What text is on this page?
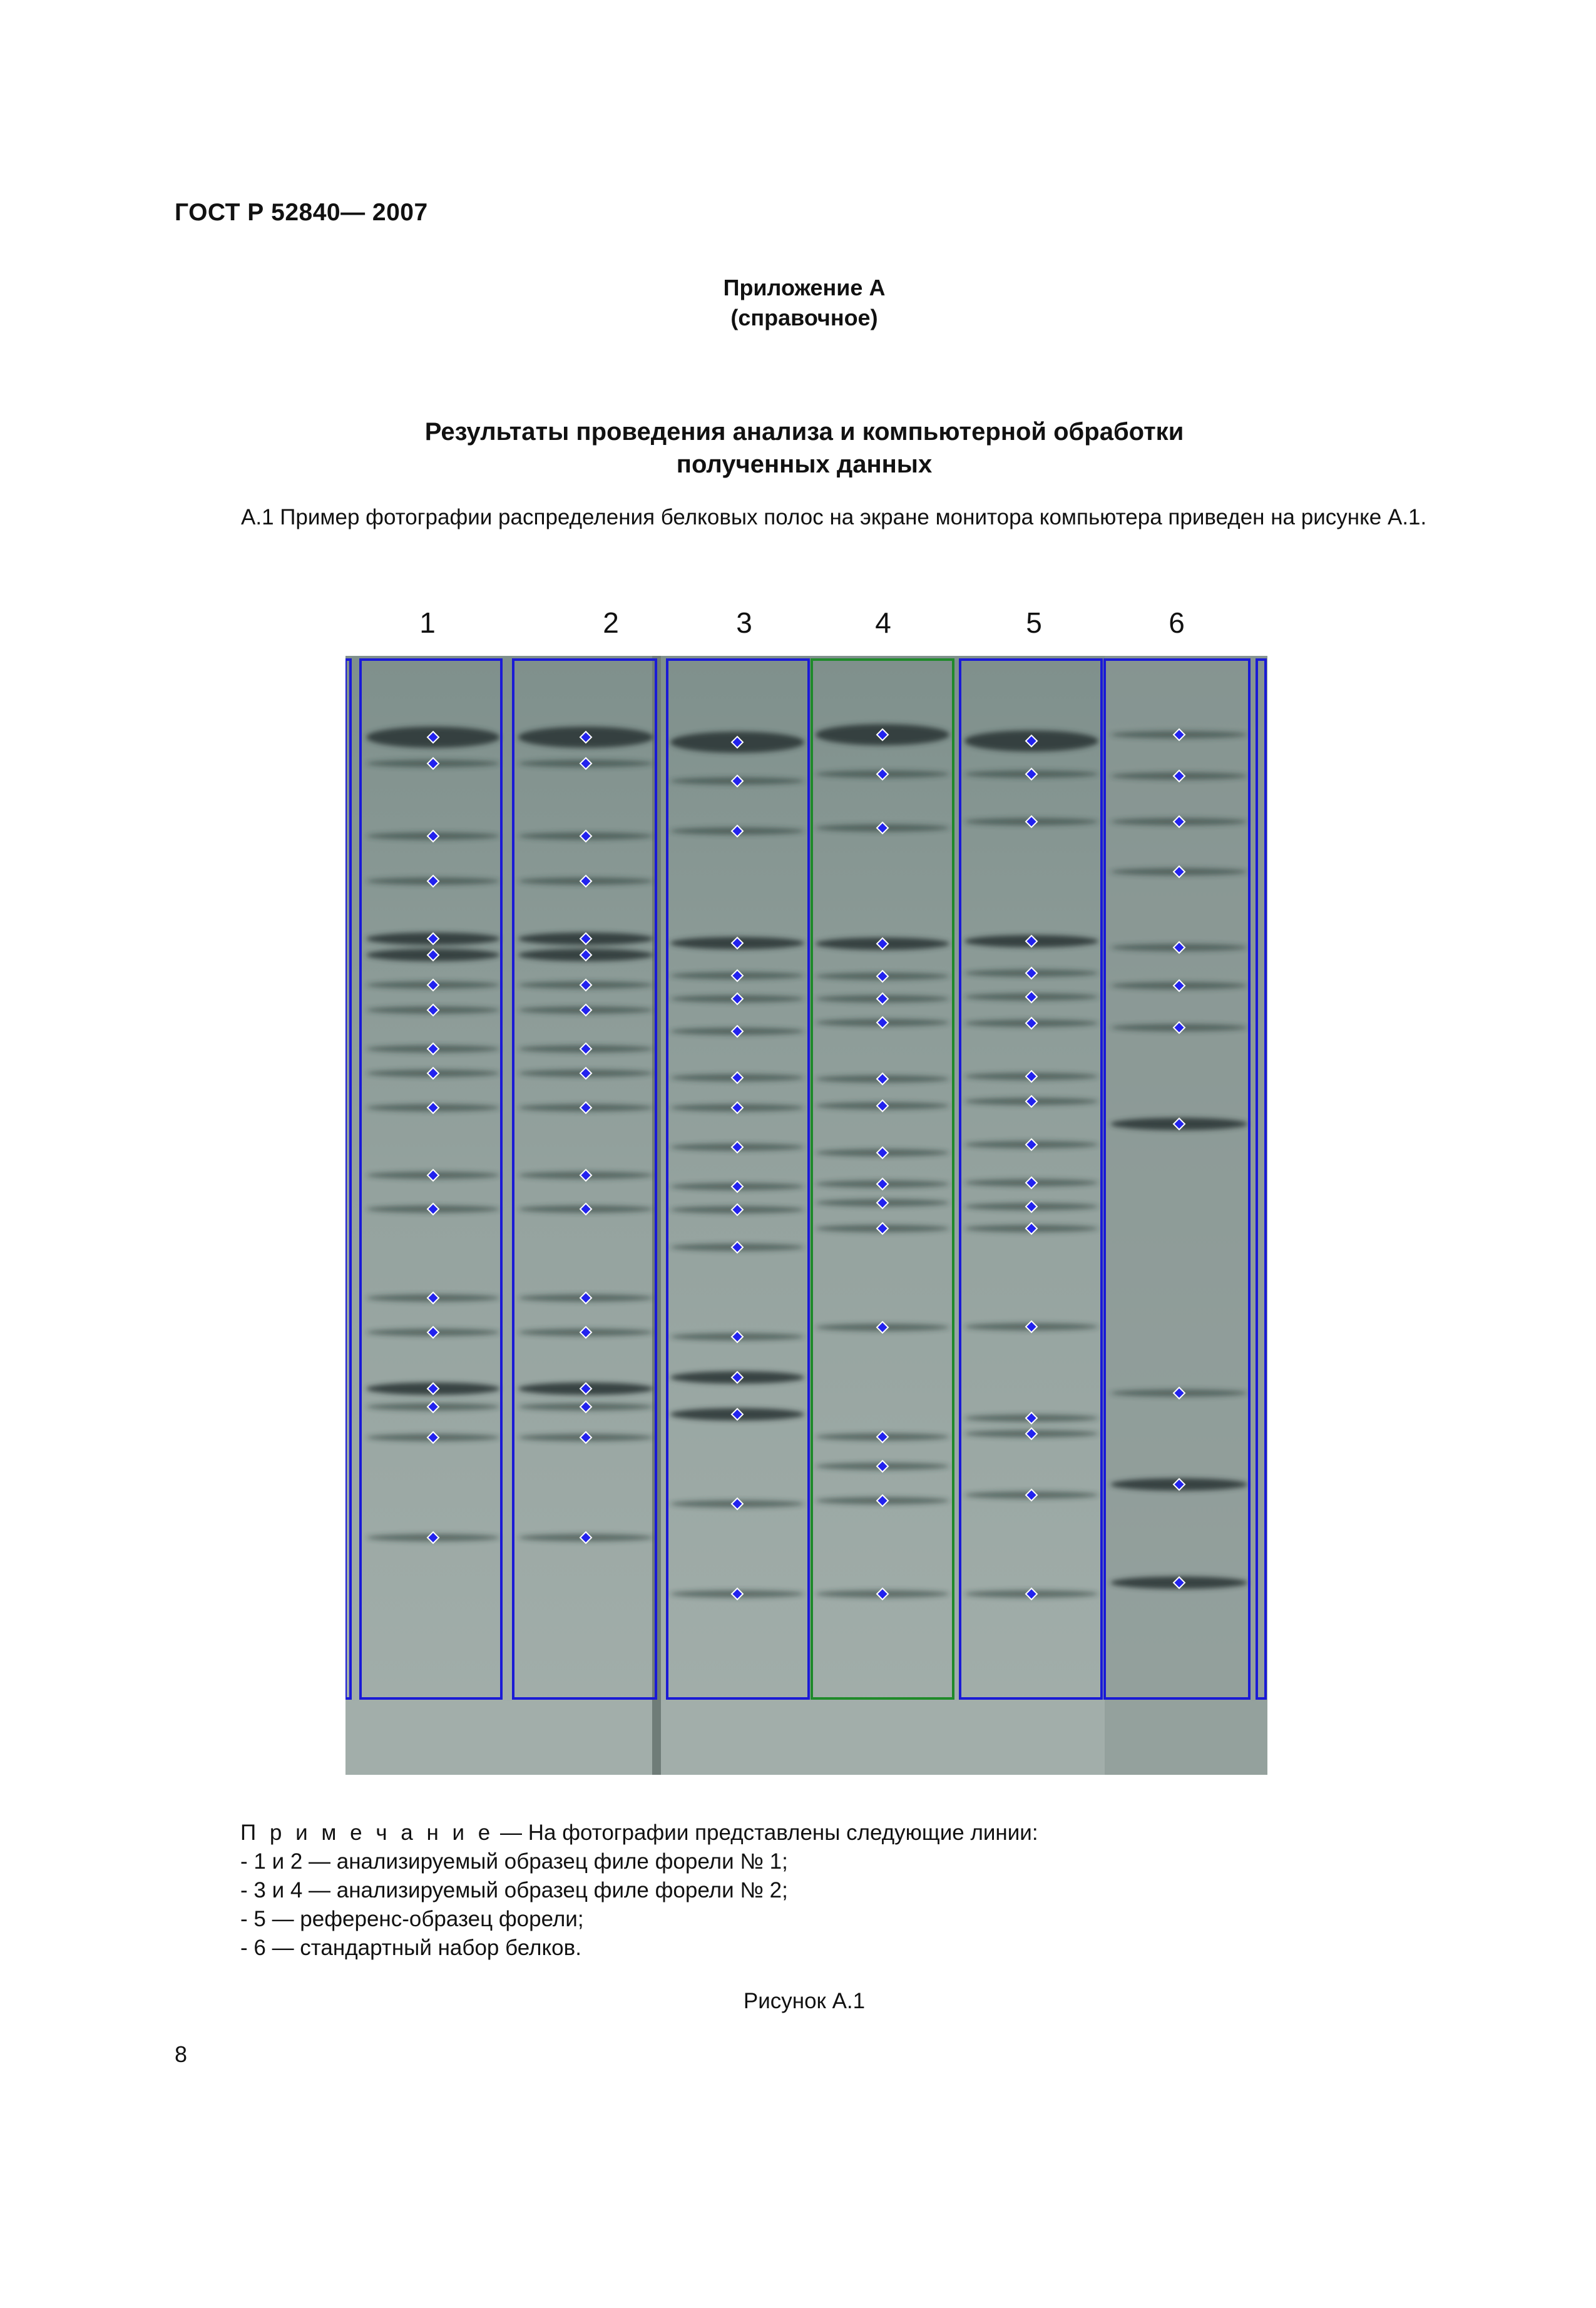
ГОСТ Р 52840— 2007
Приложение А
(справочное)
Результаты проведения анализа и компьютерной обработки
полученных данных
А.1 Пример фотографии распределения белковых полос на экране мониторa компьютера приведен на рисунке А.1.
1	2	3	4	5	6
П р и м е ч а н и е — На фотографии представлены следующие линии:
- 1 и 2 — анализируемый образец филе форели № 1;
- 3 и 4 — анализируемый образец филе форели № 2;
- 5 — референс-образец форели;
- 6 — стандартный набор белков.
Рисунок А.1
8
